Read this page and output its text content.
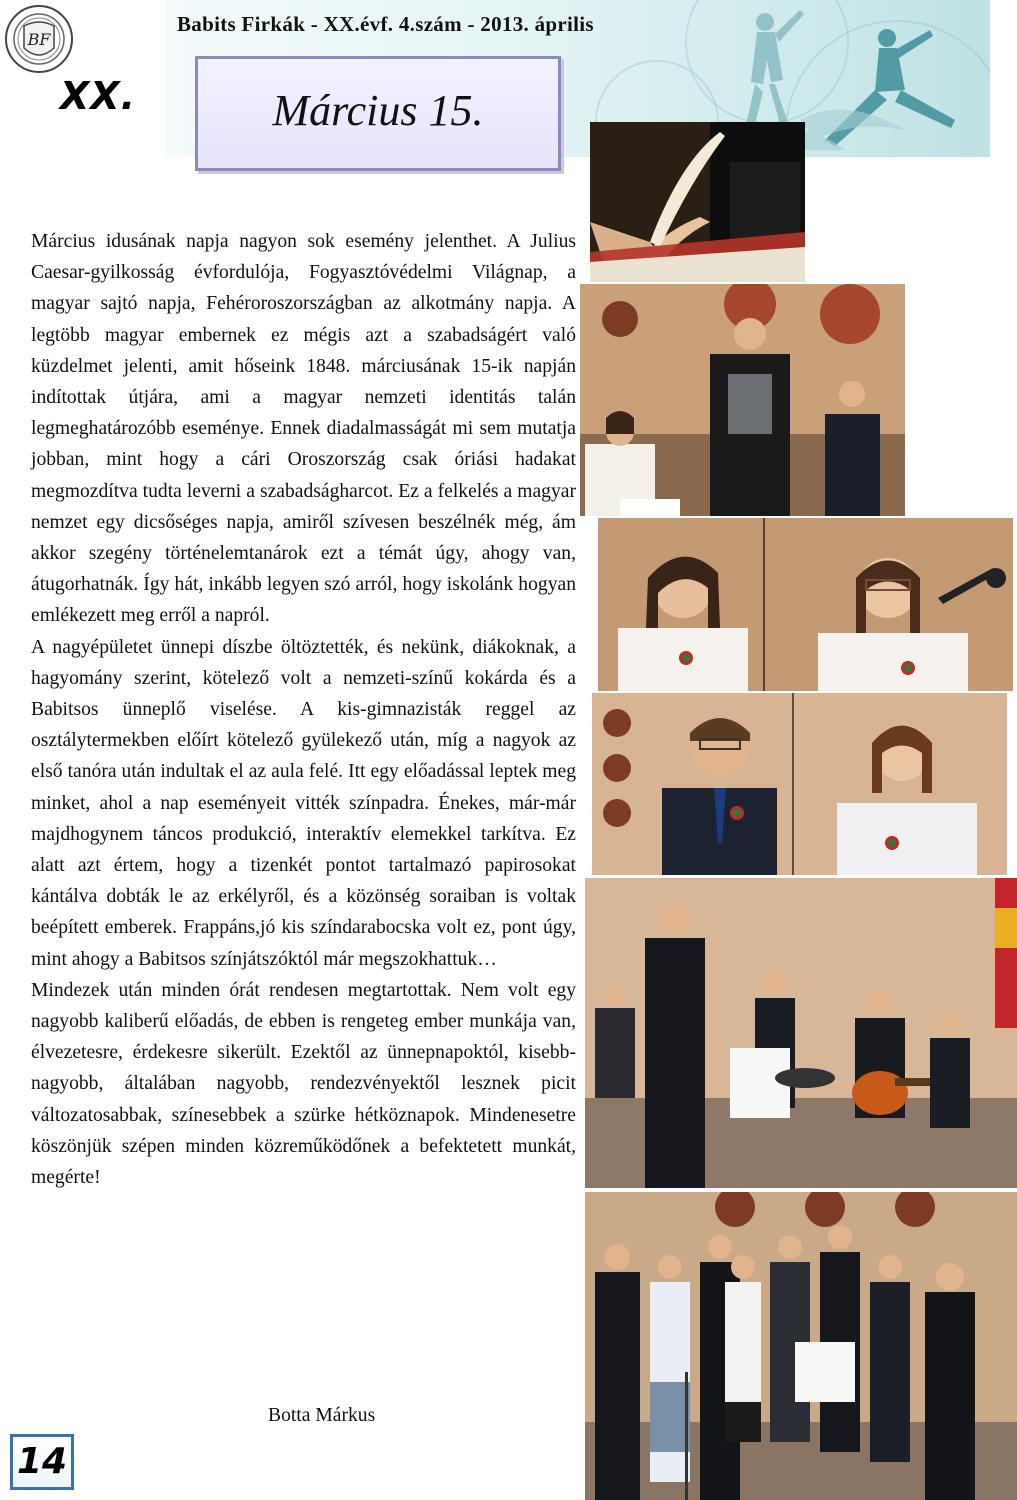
Babits Firkák - XX.évf. 4.szám - 2013. április
BF
XX.	Március 15.

Március idusának napja nagyon sok esemény jelenthet. A Julius Caesar-gyilkosság évfordulója, Fogyasztóvédelmi Világnap, a magyar sajtó napja, Fehéroroszországban az alkotmány napja. A legtöbb magyar embernek ez mégis azt a szabadságért való küzdelmet jelenti, amit hőseink 1848. márciusának 15-ik napján indítottak útjára, ami a magyar nemzeti identitás talán legmeghatározóbb eseménye. Ennek diadalmasságát mi sem mutatja jobban, mint hogy a cári Oroszország csak óriási hadakat megmozdítva tudta leverni a szabadságharcot. Ez a felkelés a magyar nemzet egy dicsőséges napja, amiről szívesen beszélnék még, ám akkor szegény történelemtanárok ezt a témát úgy, ahogy van, átugorhatnák. Így hát, inkább legyen szó arról, hogy iskolánk hogyan emlékezett meg erről a napról.

A nagyépületet ünnepi díszbe öltöztették, és nekünk, diákoknak, a hagyomány szerint, kötelező volt a nemzeti-színű kokárda és a Babitsos ünneplő viselése. A kis-gimnazisták reggel az osztálytermekben előírt kötelező gyülekező után, míg a nagyok az első tanóra után indultak el az aula felé. Itt egy előadással leptek meg minket, ahol a nap eseményeit vitték színpadra. Énekes, már-már majdhogynem táncos produkció, interaktív elemekkel tarkítva. Ez alatt azt értem, hogy a tizenkét pontot tartalmazó papirosokat kántálva dobták le az erkélyről, és a közönség soraiban is voltak beépített emberek. Frappáns,jó kis színdarabocska volt ez, pont úgy, mint ahogy a Babitsos színjátszóktól már megszokhattuk…

Mindezek után minden órát rendesen megtartottak. Nem volt egy nagyobb kaliberű előadás, de ebben is rengeteg ember munkája van, élvezetesre, érdekesre sikerült. Ezektől az ünnepnapoktól, kisebb-nagyobb, általában nagyobb, rendezvényektől lesznek picit változatosabbak, színesebbek a szürke hétköznapok. Mindenesetre köszönjük szépen minden közreműködőnek a befektetett munkát, megérte!

Botta Márkus
14
